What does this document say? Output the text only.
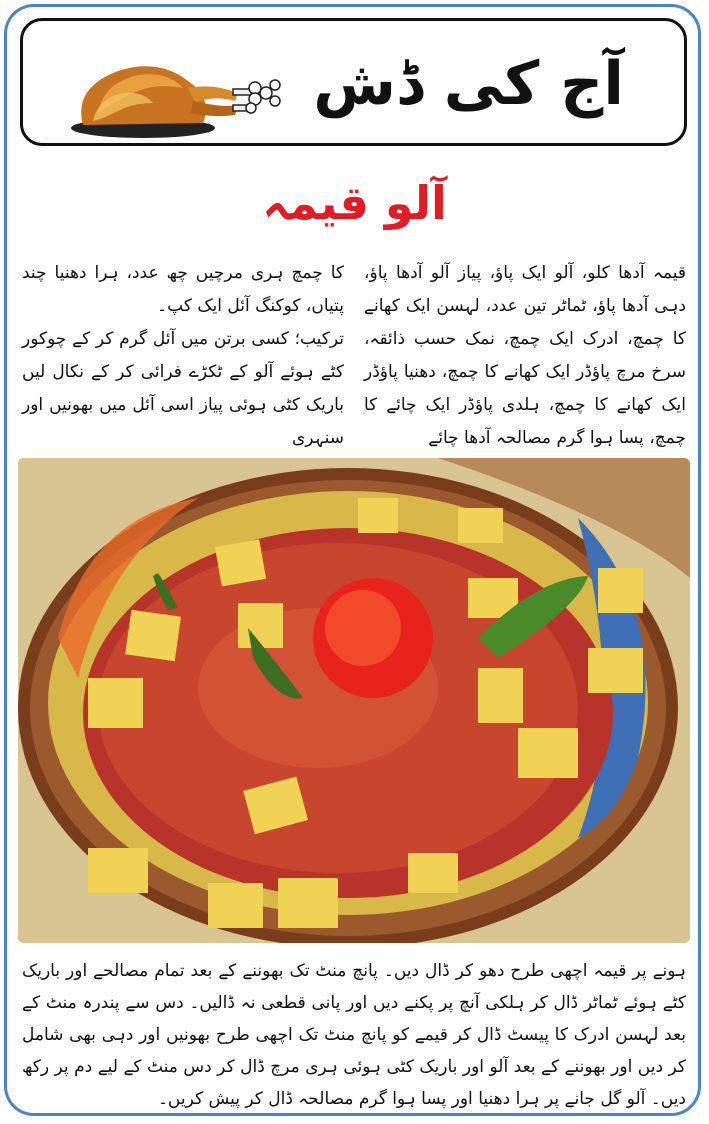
آج کی ڈش
آلو قیمہ
قیمہ آدھا کلو، آلو ایک پاؤ، پیاز آلو آدھا پاؤ، دہی آدھا پاؤ، ٹماٹر تین عدد، لہسن ایک کھانے کا چمچ، ادرک ایک چمچ، نمک حسب ذائقہ، سرخ مرچ پاؤڈر ایک کھانے کا چمچ، دھنیا پاؤڈر ایک کھانے کا چمچ، ہلدی پاؤڈر ایک چائے کا چمچ، پسا ہوا گرم مصالحہ آدھا چائے

کا چمچ ہری مرچیں چھ عدد، ہرا دھنیا چند پتیاں، کوکنگ آئل ایک کپ۔

ترکیب؛ کسی برتن میں آئل گرم کر کے چوکور کٹے ہوئے آلو کے ٹکڑے فرائی کر کے نکال لیں باریک کٹی ہوئی پیاز اسی آئل میں بھونیں اور سنہری

ہونے پر قیمہ اچھی طرح دھو کر ڈال دیں۔ پانچ منٹ تک بھوننے کے بعد تمام مصالحے اور باریک کٹے ہوئے ٹماٹر ڈال کر ہلکی آنچ پر پکنے دیں اور پانی قطعی نہ ڈالیں۔ دس سے پندرہ منٹ کے بعد لہسن ادرک کا پیسٹ ڈال کر قیمے کو پانچ منٹ تک اچھی طرح بھونیں اور دہی بھی شامل کر دیں اور بھوننے کے بعد آلو اور باریک کٹی ہوئی ہری مرچ ڈال کر دس منٹ کے لیے دم پر رکھ دیں۔ آلو گل جانے پر ہرا دھنیا اور پسا ہوا گرم مصالحہ ڈال کر پیش کریں۔
